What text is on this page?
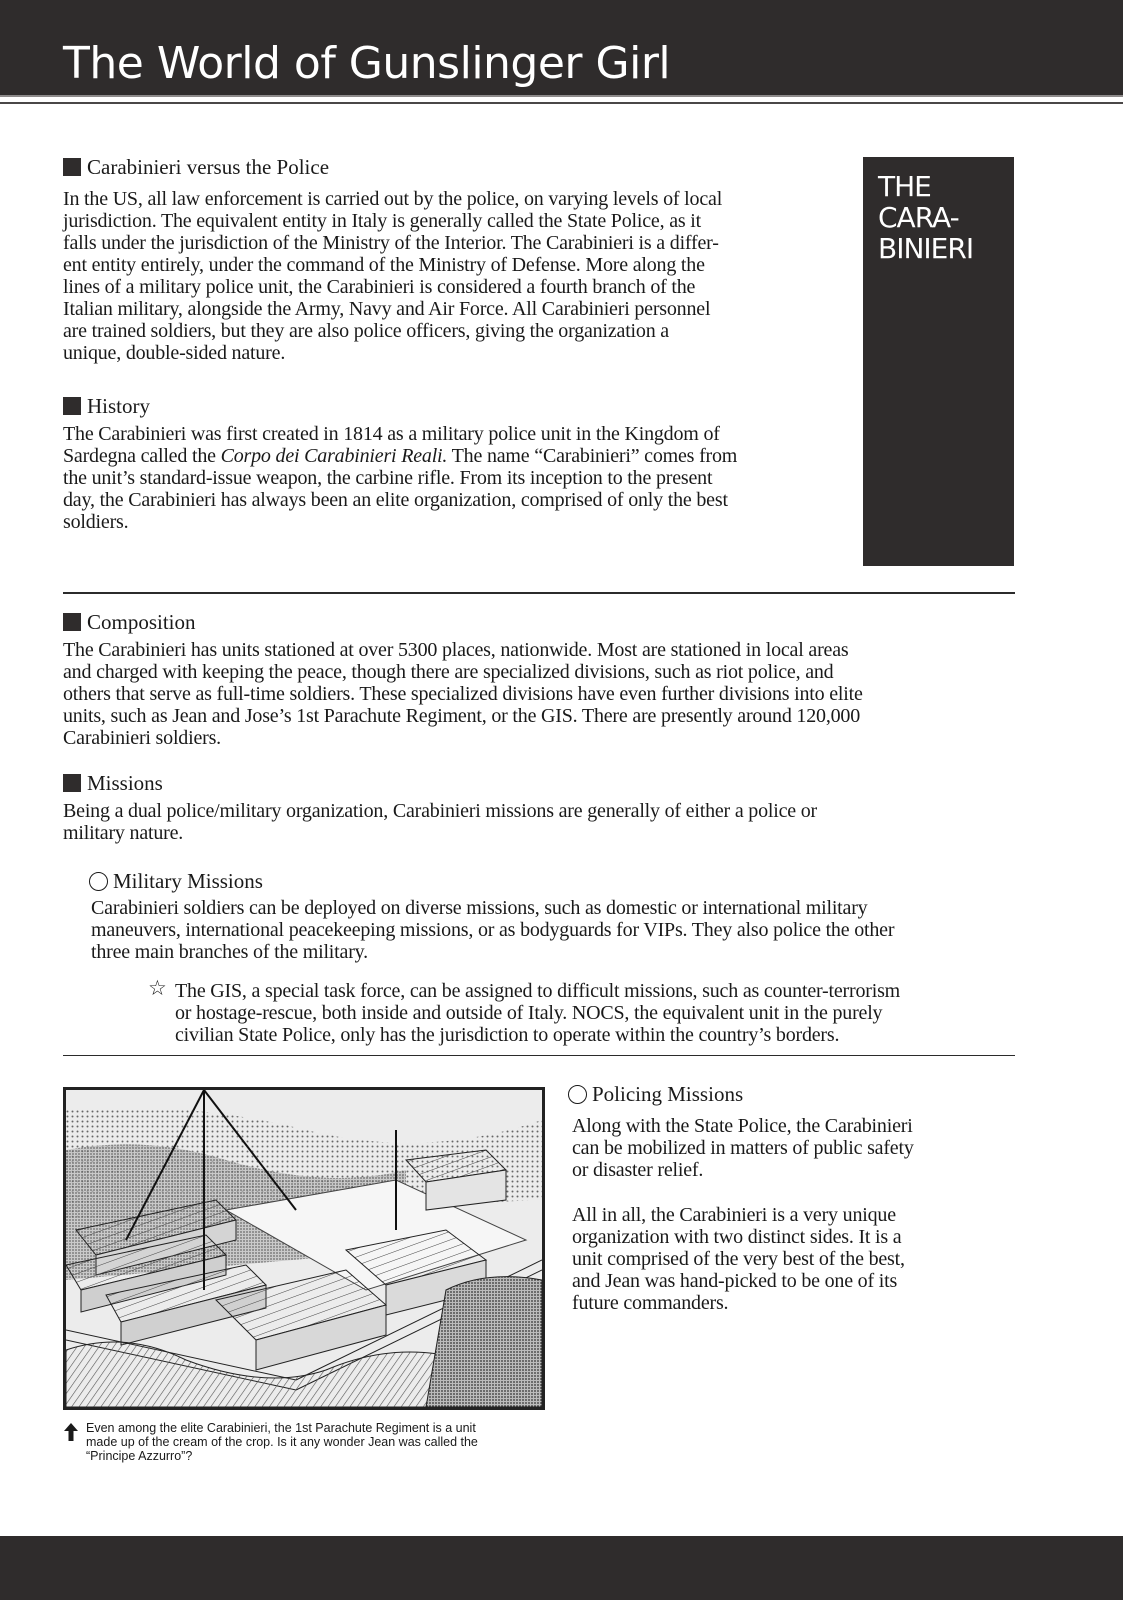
The World of Gunslinger Girl
THE
CARA-
BINIERI
Carabinieri versus the Police
In the US, all law enforcement is carried out by the police, on varying levels of local
jurisdiction. The equivalent entity in Italy is generally called the State Police, as it
falls under the jurisdiction of the Ministry of the Interior. The Carabinieri is a differ-
ent entity entirely, under the command of the Ministry of Defense. More along the
lines of a military police unit, the Carabinieri is considered a fourth branch of the
Italian military, alongside the Army, Navy and Air Force. All Carabinieri personnel
are trained soldiers, but they are also police officers, giving the organization a
unique, double-sided nature.
History
The Carabinieri was first created in 1814 as a military police unit in the Kingdom of
Sardegna called the Corpo dei Carabinieri Reali. The name “Carabinieri” comes from
the unit’s standard-issue weapon, the carbine rifle. From its inception to the present
day, the Carabinieri has always been an elite organization, comprised of only the best
soldiers.
Composition
The Carabinieri has units stationed at over 5300 places, nationwide. Most are stationed in local areas
and charged with keeping the peace, though there are specialized divisions, such as riot police, and
others that serve as full-time soldiers. These specialized divisions have even further divisions into elite
units, such as Jean and Jose’s 1st Parachute Regiment, or the GIS. There are presently around 120,000
Carabinieri soldiers.
Missions
Being a dual police/military organization, Carabinieri missions are generally of either a police or
military nature.
Military Missions
Carabinieri soldiers can be deployed on diverse missions, such as domestic or international military
maneuvers, international peacekeeping missions, or as bodyguards for VIPs. They also police the other
three main branches of the military.
☆ The GIS, a special task force, can be assigned to difficult missions, such as counter-terrorism
or hostage-rescue, both inside and outside of Italy. NOCS, the equivalent unit in the purely
civilian State Police, only has the jurisdiction to operate within the country’s borders.
Even among the elite Carabinieri, the 1st Parachute Regiment is a unit
made up of the cream of the crop. Is it any wonder Jean was called the
“Principe Azzurro”?
Policing Missions
Along with the State Police, the Carabinieri
can be mobilized in matters of public safety
or disaster relief.
All in all, the Carabinieri is a very unique
organization with two distinct sides. It is a
unit comprised of the very best of the best,
and Jean was hand-picked to be one of its
future commanders.
